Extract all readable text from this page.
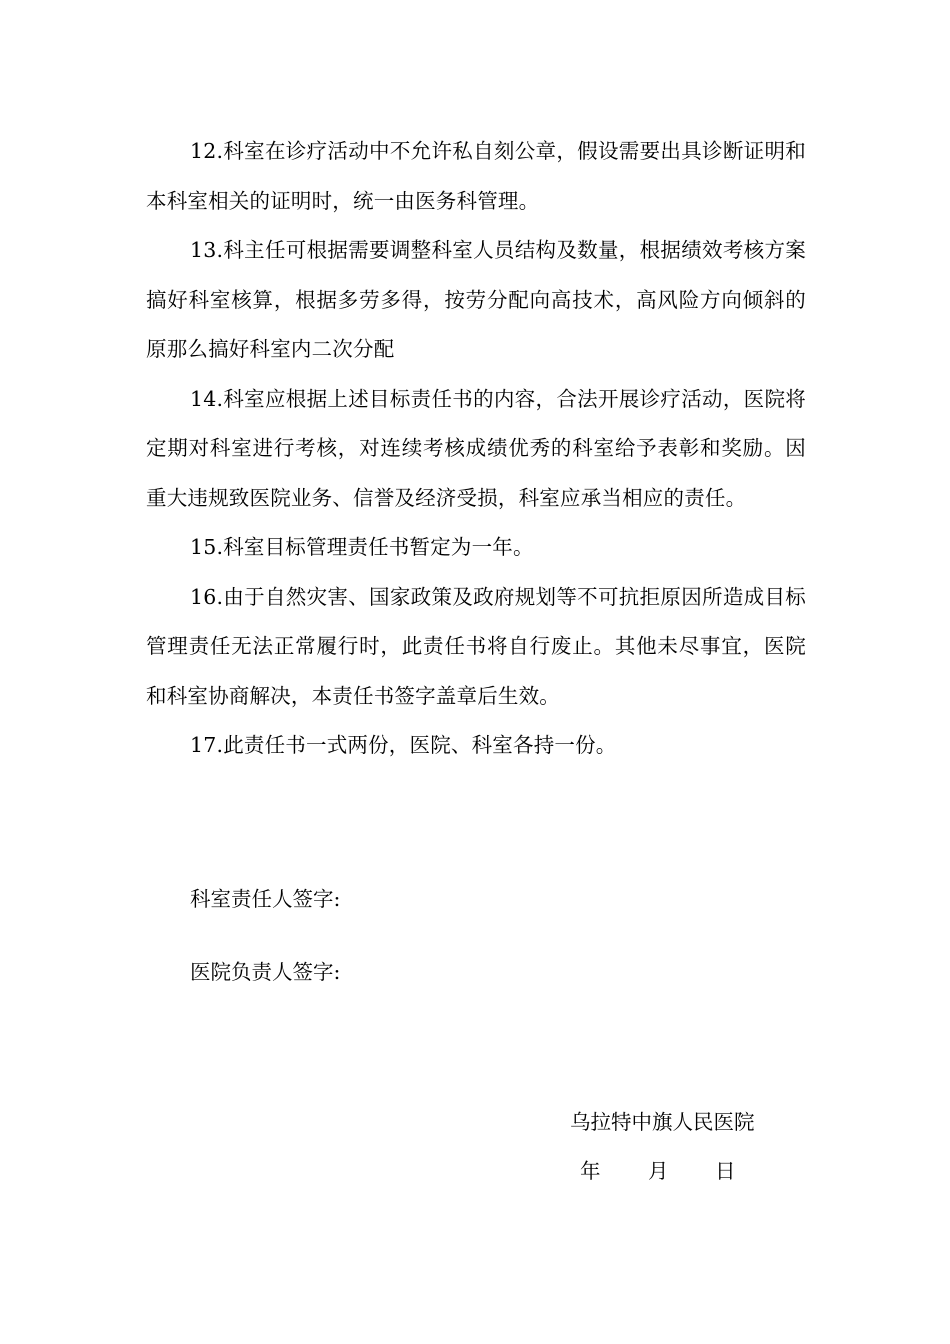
12.科室在诊疗活动中不允许私自刻公章，假设需要出具诊断证明和本科室相关的证明时，统一由医务科管理。

13.科主任可根据需要调整科室人员结构及数量，根据绩效考核方案搞好科室核算，根据多劳多得，按劳分配向高技术，高风险方向倾斜的原那么搞好科室内二次分配

14.科室应根据上述目标责任书的内容，合法开展诊疗活动，医院将定期对科室进行考核，对连续考核成绩优秀的科室给予表彰和奖励。因重大违规致医院业务、信誉及经济受损，科室应承当相应的责任。

15.科室目标管理责任书暂定为一年。

16.由于自然灾害、国家政策及政府规划等不可抗拒原因所造成目标管理责任无法正常履行时，此责任书将自行废止。其他未尽事宜，医院和科室协商解决，本责任书签字盖章后生效。

17.此责任书一式两份，医院、科室各持一份。

科室责任人签字:
医院负责人签字:
乌拉特中旗人民医院
年 月 日
